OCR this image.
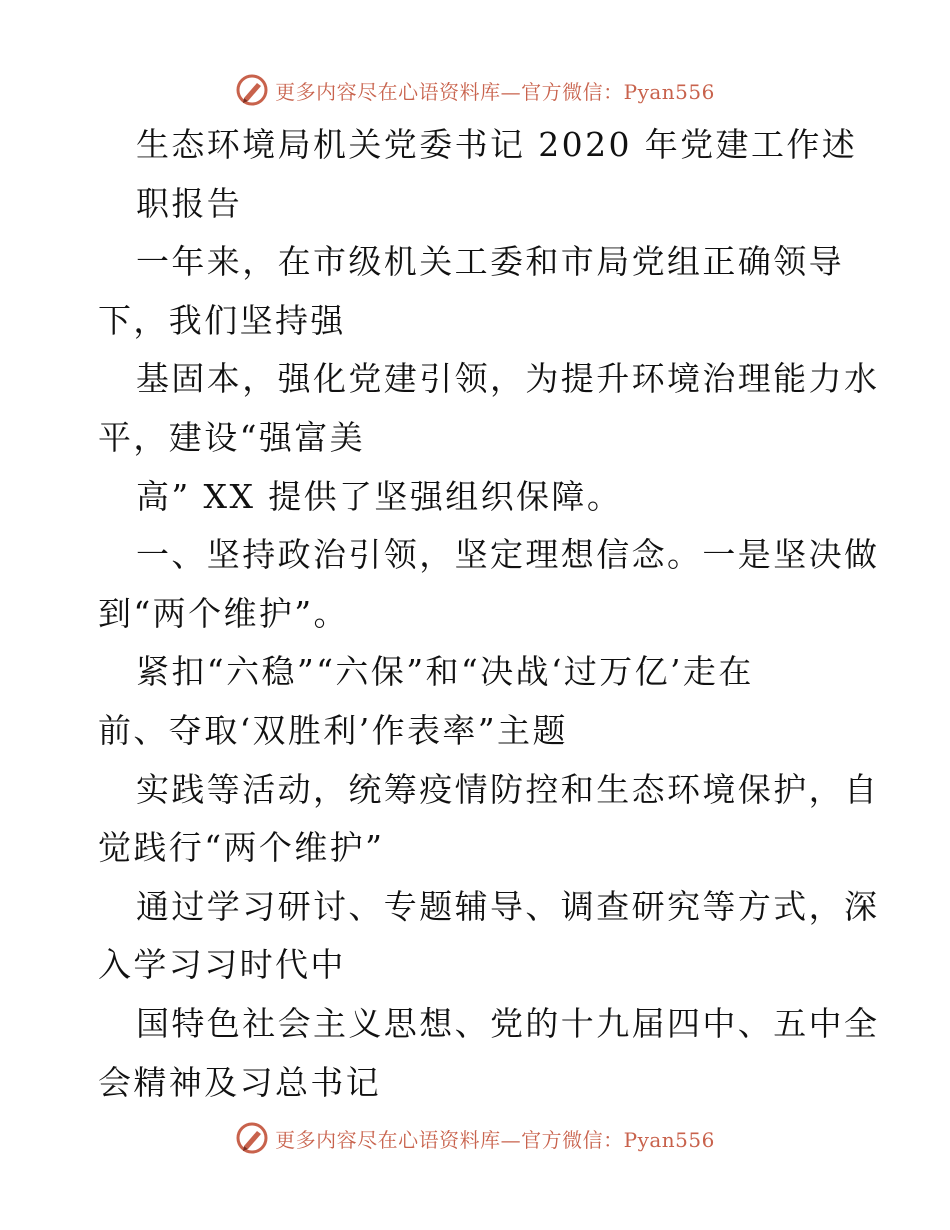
更多内容尽在心语资料库—官方微信：Pyan556
生态环境局机关党委书记 2020 年党建工作述
职报告
一年来，在市级机关工委和市局党组正确领导
下，我们坚持强
基固本，强化党建引领，为提升环境治理能力水
平，建设“强富美
高” XX 提供了坚强组织保障。
一、坚持政治引领，坚定理想信念。一是坚决做
到“两个维护”。
紧扣“六稳”“六保”和“决战‘过万亿’走在
前、夺取‘双胜利’作表率”主题
实践等活动，统筹疫情防控和生态环境保护，自
觉践行“两个维护”
通过学习研讨、专题辅导、调查研究等方式，深
入学习习时代中
国特色社会主义思想、党的十九届四中、五中全
会精神及习总书记
更多内容尽在心语资料库—官方微信：Pyan556
